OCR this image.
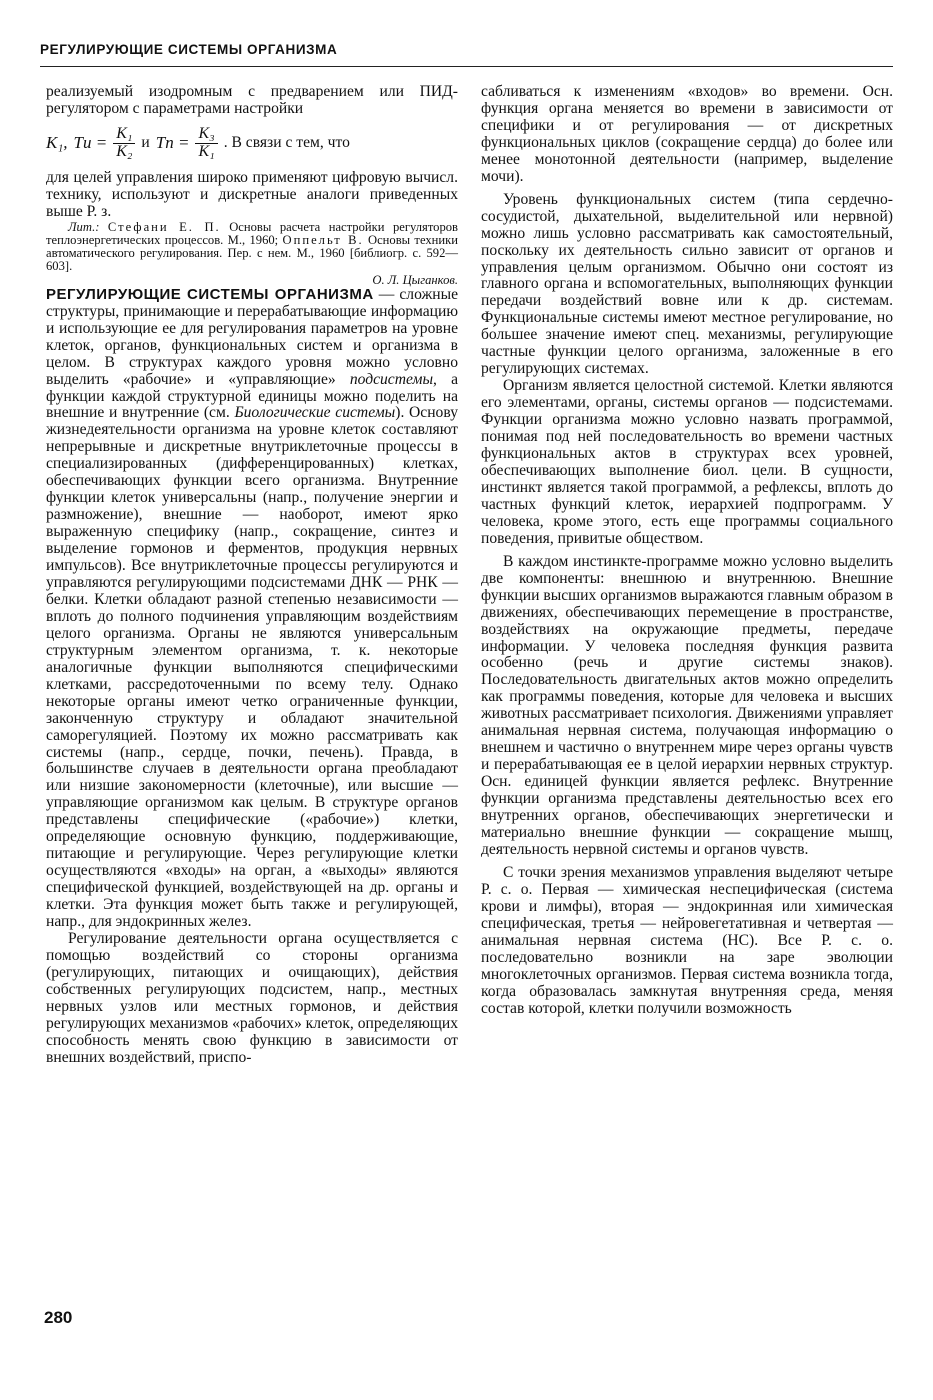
РЕГУЛИРУЮЩИЕ СИСТЕМЫ ОРГАНИЗМА

реализуемый изодромным с предварением или ПИД-регулятором с параметрами настройки

K₁, Tи = $\frac{\text{K₁}}{\text{K₂}}$ и Tп = $\frac{\text{K₃}}{\text{K₁}}$ . В связи с тем, что

для целей управления широко применяют цифровую вычисл. технику, используют и дискретные аналоги приведенных выше Р. з.

Лит.: Стефани Е. П. Основы расчета настройки регуляторов теплоэнергетических процессов. М., 1960; Оппельт В. Основы техники автоматического регулирования. Пер. с нем. М., 1960 [библиогр. с. 592—603].
О. Л. Цыганков.

РЕГУЛИРУЮЩИЕ СИСТЕМЫ ОРГАНИЗМА — сложные структуры, принимающие и перерабатывающие информацию и использующие ее для регулирования параметров на уровне клеток, органов, функциональных систем и организма в целом. В структурах каждого уровня можно условно выделить «рабочие» и «управляющие» подсистемы, а функции каждой структурной единицы можно поделить на внешние и внутренние (см. Биологические системы). Основу жизнедеятельности организма на уровне клеток составляют непрерывные и дискретные внутриклеточные процессы в специализированных (дифференцированных) клетках, обеспечивающих функции всего организма. Внутренние функции клеток универсальны (напр., получение энергии и размножение), внешние — наоборот, имеют ярко выраженную специфику (напр., сокращение, синтез и выделение гормонов и ферментов, продукция нервных импульсов). Все внутриклеточные процессы регулируются и управляются регулирующими подсистемами ДНК — РНК — белки. Клетки обладают разной степенью независимости — вплоть до полного подчинения управляющим воздействиям целого организма. Органы не являются универсальным структурным элементом организма, т. к. некоторые аналогичные функции выполняются специфическими клетками, рассредоточенными по всему телу. Однако некоторые органы имеют четко ограниченные функции, законченную структуру и обладают значительной саморегуляцией. Поэтому их можно рассматривать как системы (напр., сердце, почки, печень). Правда, в большинстве случаев в деятельности органа преобладают или низшие закономерности (клеточные), или высшие — управляющие организмом как целым. В структуре органов представлены специфические («рабочие») клетки, определяющие основную функцию, поддерживающие, питающие и регулирующие. Через регулирующие клетки осуществляются «входы» на орган, а «выходы» являются специфической функцией, воздействующей на др. органы и клетки. Эта функция может быть также и регулирующей, напр., для эндокринных желез.

Регулирование деятельности органа осуществляется с помощью воздействий со стороны организма (регулирующих, питающих и очищающих), действия собственных регулирующих подсистем, напр., местных нервных узлов или местных гормонов, и действия регулирующих механизмов «рабочих» клеток, определяющих способность менять свою функцию в зависимости от внешних воздействий, приспо-

сабливаться к изменениям «входов» во времени. Осн. функция органа меняется во времени в зависимости от специфики и от регулирования — от дискретных функциональных циклов (сокращение сердца) до более или менее монотонной деятельности (например, выделение мочи).

Уровень функциональных систем (типа сердечно-сосудистой, дыхательной, выделительной или нервной) можно лишь условно рассматривать как самостоятельный, поскольку их деятельность сильно зависит от органов и управления целым организмом. Обычно они состоят из главного органа и вспомогательных, выполняющих функции передачи воздействий вовне или к др. системам. Функциональные системы имеют местное регулирование, но бо́льшее значение имеют спец. механизмы, регулирующие частные функции целого организма, заложенные в его регулирующих системах.

Организм является целостной системой. Клетки являются его элементами, органы, системы органов — подсистемами. Функции организма можно условно назвать программой, понимая под ней последовательность во времени частных функциональных актов в структурах всех уровней, обеспечивающих выполнение биол. цели. В сущности, инстинкт является такой программой, а рефлексы, вплоть до частных функций клеток, иерархией подпрограмм. У человека, кроме этого, есть еще программы социального поведения, привитые обществом.

В каждом инстинкте-программе можно условно выделить две компоненты: внешнюю и внутреннюю. Внешние функции высших организмов выражаются главным образом в движениях, обеспечивающих перемещение в пространстве, воздействиях на окружающие предметы, передаче информации. У человека последняя функция развита особенно (речь и другие системы знаков). Последовательность двигательных актов можно определить как программы поведения, которые для человека и высших животных рассматривает психология. Движениями управляет анимальная нервная система, получающая информацию о внешнем и частично о внутреннем мире через органы чувств и перерабатывающая ее в целой иерархии нервных структур. Осн. единицей функции является рефлекс. Внутренние функции организма представлены деятельностью всех его внутренних органов, обеспечивающих энергетически и материально внешние функции — сокращение мышц, деятельность нервной системы и органов чувств.

С точки зрения механизмов управления выделяют четыре Р. с. о. Первая — химическая неспецифическая (система крови и лимфы), вторая — эндокринная или химическая специфическая, третья — нейровегетативная и четвертая — анимальная нервная система (НС). Все Р. с. о. последовательно возникли на заре эволюции многоклеточных организмов. Первая система возникла тогда, когда образовалась замкнутая внутренняя среда, меняя состав которой, клетки получили возможность

280
